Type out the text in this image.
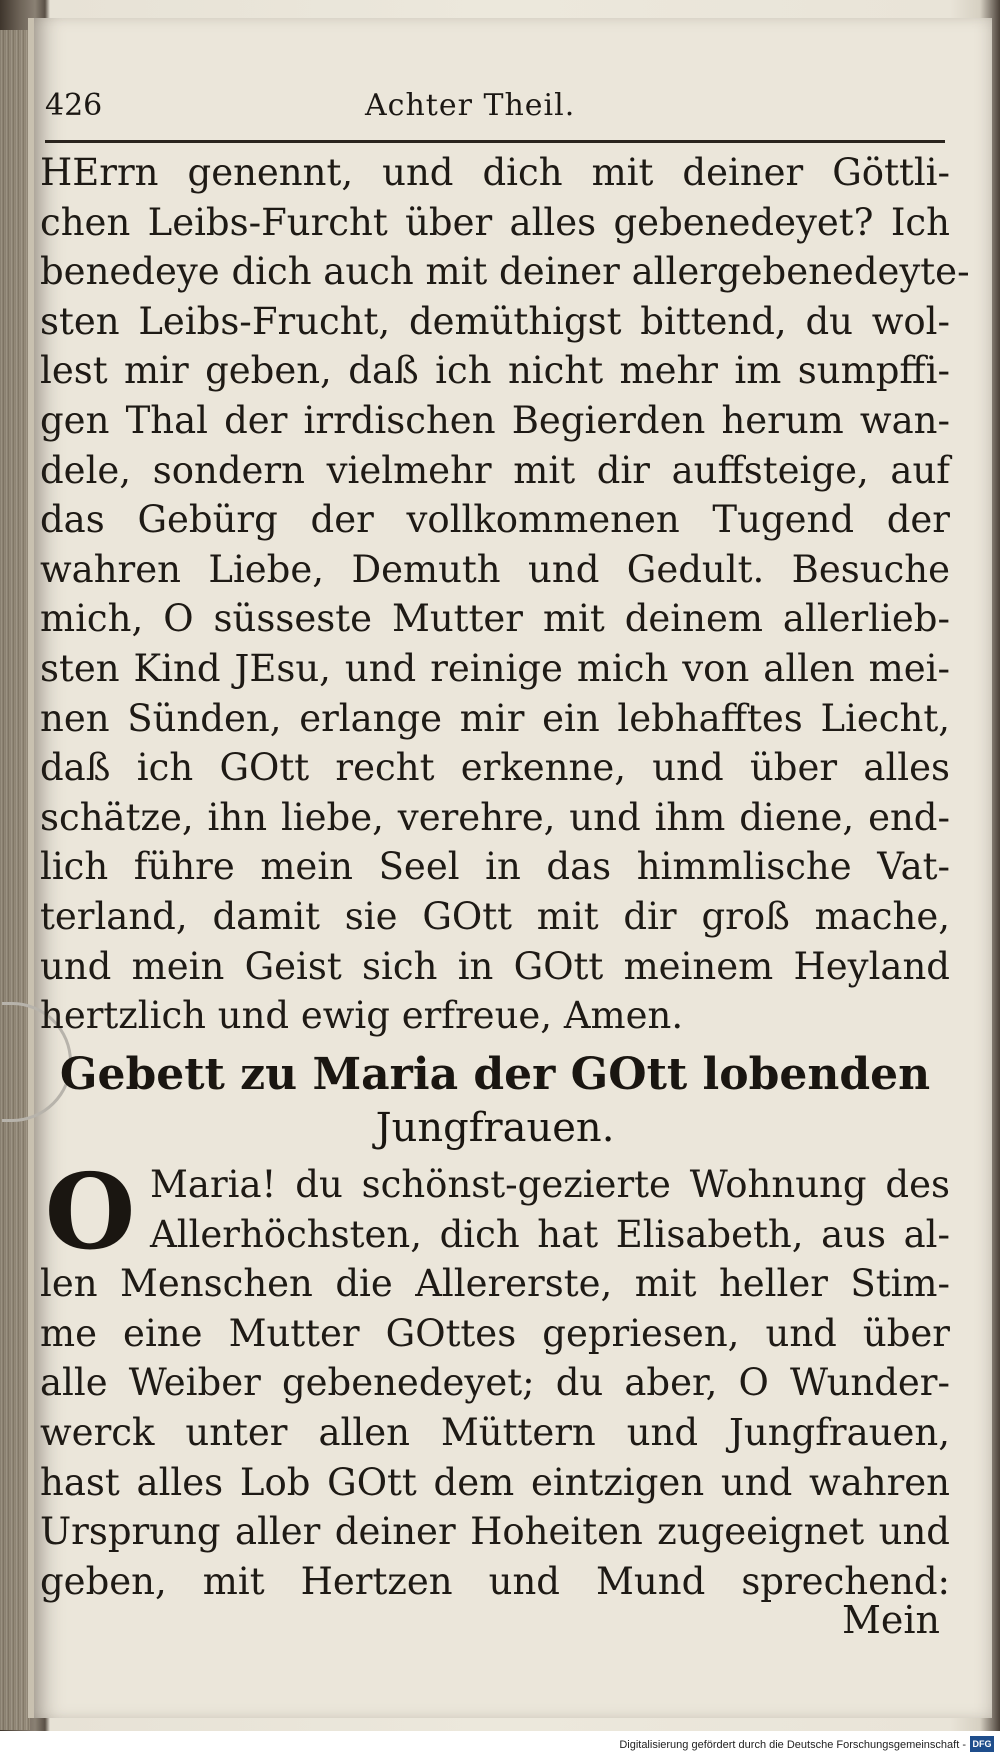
426	Achter Theil.
HErrn genennt, und dich mit deiner Göttli-
chen Leibs-Furcht über alles gebenedeyet? Ich
benedeye dich auch mit deiner allergebenedeyte-
sten Leibs-Frucht, demüthigst bittend, du wol-
lest mir geben, daß ich nicht mehr im sumpffi-
gen Thal der irrdischen Begierden herum wan-
dele, sondern vielmehr mit dir auffsteige, auf
das Gebürg der vollkommenen Tugend der
wahren Liebe, Demuth und Gedult. Besuche
mich, O süsseste Mutter mit deinem allerlieb-
sten Kind JEsu, und reinige mich von allen mei-
nen Sünden, erlange mir ein lebhafftes Liecht,
daß ich GOtt recht erkenne, und über alles
schätze, ihn liebe, verehre, und ihm diene, end-
lich führe mein Seel in das himmlische Vat-
terland, damit sie GOtt mit dir groß mache,
und mein Geist sich in GOtt meinem Heyland
hertzlich und ewig erfreue, Amen.
Gebett zu Maria der GOtt lobenden
Jungfrauen.
O Maria! du schönst-gezierte Wohnung des
Allerhöchsten, dich hat Elisabeth, aus al-
len Menschen die Allererste, mit heller Stim-
me eine Mutter GOttes gepriesen, und über
alle Weiber gebenedeyet; du aber, O Wunder-
werck unter allen Müttern und Jungfrauen,
hast alles Lob GOtt dem eintzigen und wahren
Ursprung aller deiner Hoheiten zugeeignet und
geben, mit Hertzen und Mund sprechend:
Mein
Digitalisierung gefördert durch die Deutsche Forschungsgemeinschaft - DFG
